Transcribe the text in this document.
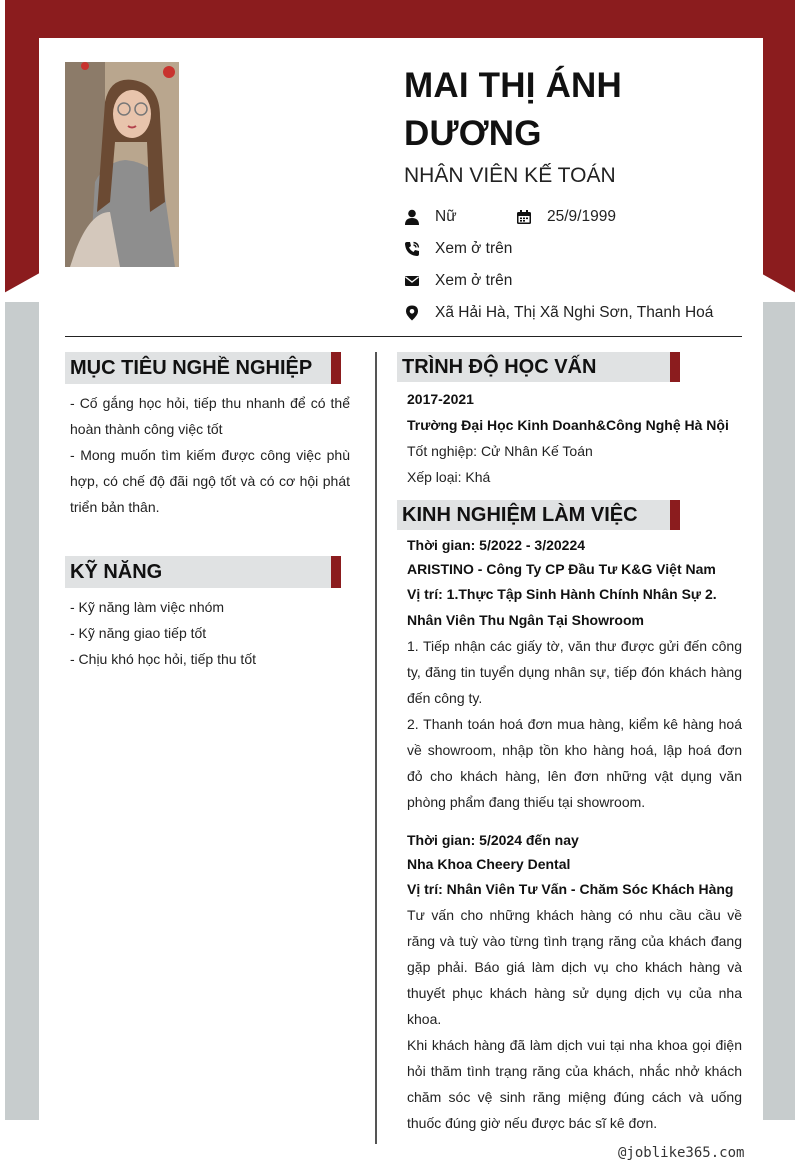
MAI THỊ ÁNH DƯƠNG
NHÂN VIÊN KẾ TOÁN
Nữ	25/9/1999
Xem ở trên
Xem ở trên
Xã Hải Hà, Thị Xã Nghi Sơn, Thanh Hoá
MỤC TIÊU NGHỀ NGHIỆP
- Cố gắng học hỏi, tiếp thu nhanh để có thể hoàn thành công việc tốt
- Mong muốn tìm kiếm được công việc phù hợp, có chế độ đãi ngộ tốt và có cơ hội phát triển bản thân.
KỸ NĂNG
- Kỹ năng làm việc nhóm
- Kỹ năng giao tiếp tốt
- Chịu khó học hỏi, tiếp thu tốt
TRÌNH ĐỘ HỌC VẤN
2017-2021
Trường Đại Học Kinh Doanh&Công Nghệ Hà Nội
Tốt nghiệp: Cử Nhân Kế Toán
Xếp loại: Khá
KINH NGHIỆM LÀM VIỆC
Thời gian: 5/2022 - 3/20224
ARISTINO - Công Ty CP Đầu Tư K&G Việt Nam
Vị trí: 1.Thực Tập Sinh Hành Chính Nhân Sự 2. Nhân Viên Thu Ngân Tại Showroom
1. Tiếp nhận các giấy tờ, văn thư được gửi đến công ty, đăng tin tuyển dụng nhân sự, tiếp đón khách hàng đến công ty.
2. Thanh toán hoá đơn mua hàng, kiểm kê hàng hoá về showroom, nhập tồn kho hàng hoá, lập hoá đơn đỏ cho khách hàng, lên đơn những vật dụng văn phòng phẩm đang thiếu tại showroom.
Thời gian: 5/2024 đến nay
Nha Khoa Cheery Dental
Vị trí: Nhân Viên Tư Vấn - Chăm Sóc Khách Hàng
Tư vấn cho những khách hàng có nhu cầu cầu về răng và tuỳ vào từng tình trạng răng của khách đang gặp phải. Báo giá làm dịch vụ cho khách hàng và thuyết phục khách hàng sử dụng dịch vụ của nha khoa.
Khi khách hàng đã làm dịch vui tại nha khoa gọi điện hỏi thăm tình trạng răng của khách, nhắc nhở khách chăm sóc vệ sinh răng miệng đúng cách và uống thuốc đúng giờ nếu được bác sĩ kê đơn.
@joblike365.com
